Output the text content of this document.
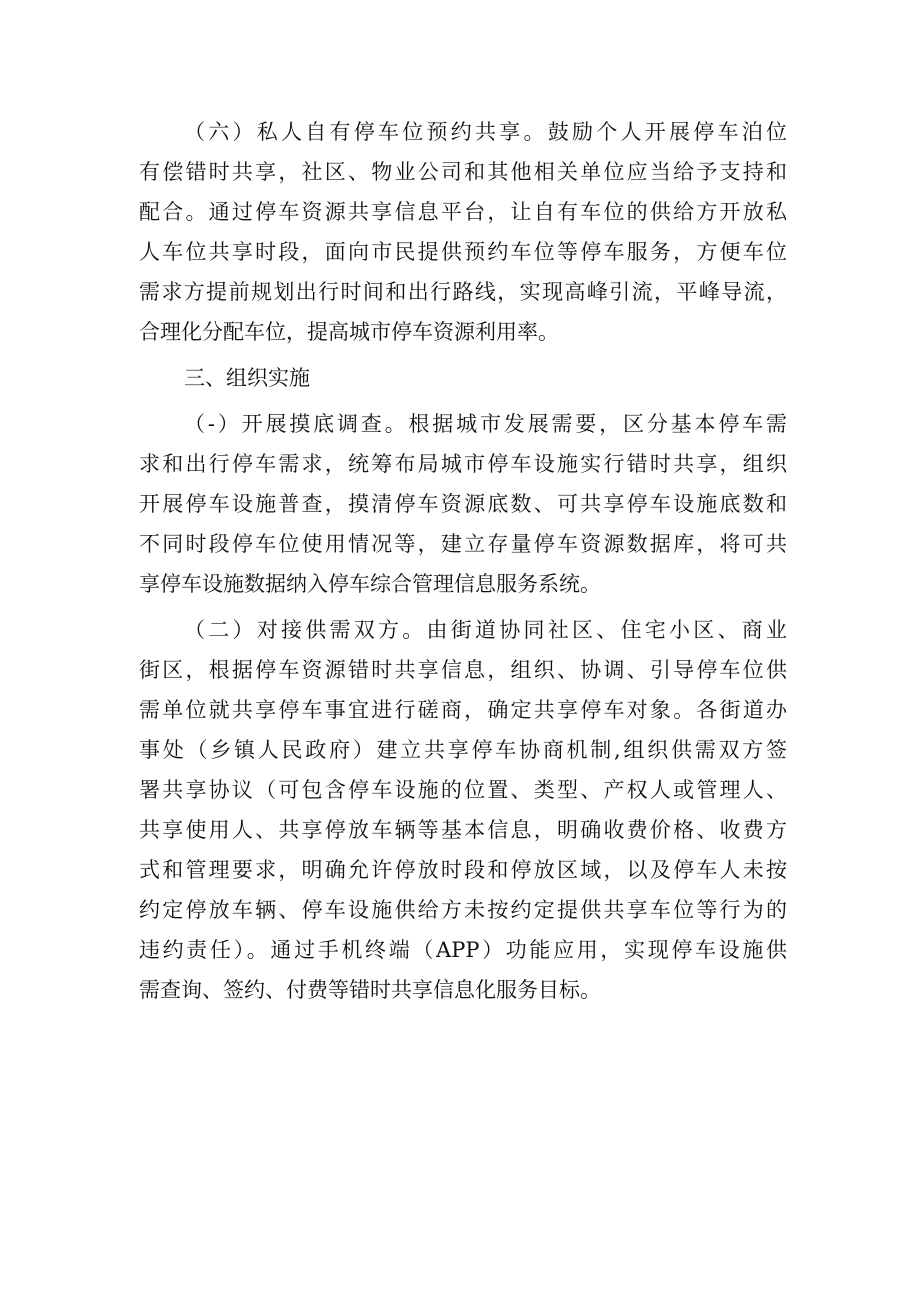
（六）私人自有停车位预约共享。鼓励个人开展停车泊位
有偿错时共享，社区、物业公司和其他相关单位应当给予支持和
配合。通过停车资源共享信息平台，让自有车位的供给方开放私
人车位共享时段，面向市民提供预约车位等停车服务，方便车位
需求方提前规划出行时间和出行路线，实现高峰引流，平峰导流，
合理化分配车位，提高城市停车资源利用率。
三、组织实施
（-）开展摸底调查。根据城市发展需要，区分基本停车需
求和出行停车需求，统筹布局城市停车设施实行错时共享，组织
开展停车设施普查，摸清停车资源底数、可共享停车设施底数和
不同时段停车位使用情况等，建立存量停车资源数据库，将可共
享停车设施数据纳入停车综合管理信息服务系统。
（二）对接供需双方。由街道协同社区、住宅小区、商业
街区，根据停车资源错时共享信息，组织、协调、引导停车位供
需单位就共享停车事宜进行磋商，确定共享停车对象。各街道办
事处（乡镇人民政府）建立共享停车协商机制,组织供需双方签
署共享协议（可包含停车设施的位置、类型、产权人或管理人、
共享使用人、共享停放车辆等基本信息，明确收费价格、收费方
式和管理要求，明确允许停放时段和停放区域，以及停车人未按
约定停放车辆、停车设施供给方未按约定提供共享车位等行为的
违约责任）。通过手机终端（APP）功能应用，实现停车设施供
需查询、签约、付费等错时共享信息化服务目标。
